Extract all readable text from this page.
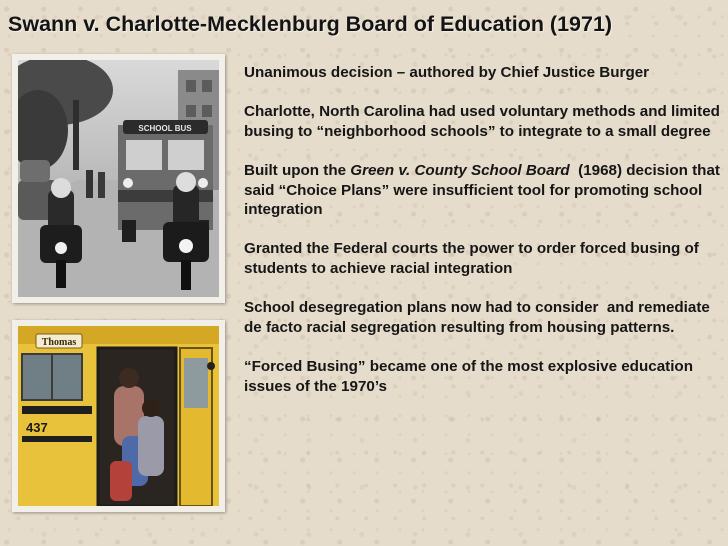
Swann v. Charlotte-Mecklenburg Board of Education (1971)
SCHOOL BUS
Thomas
437

Unanimous decision – authored by Chief Justice Burger

Charlotte, North Carolina had used voluntary methods and limited busing to “neighborhood schools” to integrate to a small degree

Built upon the Green v. County School Board  (1968) decision that said “Choice Plans” were insufficient tool for promoting school integration

Granted the Federal courts the power to order forced busing of students to achieve racial integration

School desegregation plans now had to consider  and remediate de facto racial segregation resulting from housing patterns.

“Forced Busing” became one of the most explosive education issues of the 1970’s
